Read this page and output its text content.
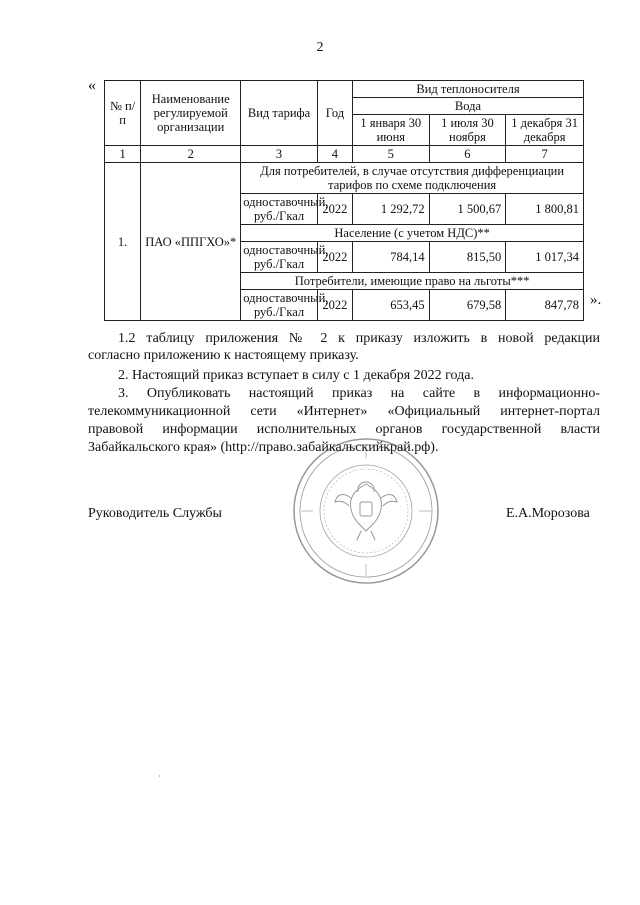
2
«
№ п/п	Наименование регулируемой организации	Вид тарифа	Год	Вид теплоносителя		
				Вода		
				1 января 30 июня	1 июля 30 ноября	1 декабря 31 декабря
1	2	3	4	5	6	7
1.	ПАО «ППГХО»*	Для потребителей, в случае отсутствия дифференциации тарифов по схеме подключения				
		одноставочный, руб./Гкал	2022	1 292,72	1 500,67	1 800,81
		Население (с учетом НДС)**				
		одноставочный, руб./Гкал	2022	784,14	815,50	1 017,34
		Потребители, имеющие право на льготы***				
		одноставочный, руб./Гкал	2022	653,45	679,58	847,78 ».
1.2 таблицу приложения № 2 к приказу изложить в новой редакции
согласно приложению к настоящему приказу.
2. Настоящий приказ вступает в силу с 1 декабря 2022 года.
3. Опубликовать настоящий приказ на сайте в информационно-
телекоммуникационной сети «Интернет» «Официальный интернет-портал
правовой информации исполнительных органов государственной власти
Забайкальского края» (http://право.забайкальскийкрай.рф).
Руководитель Службы	Е.А.Морозова
